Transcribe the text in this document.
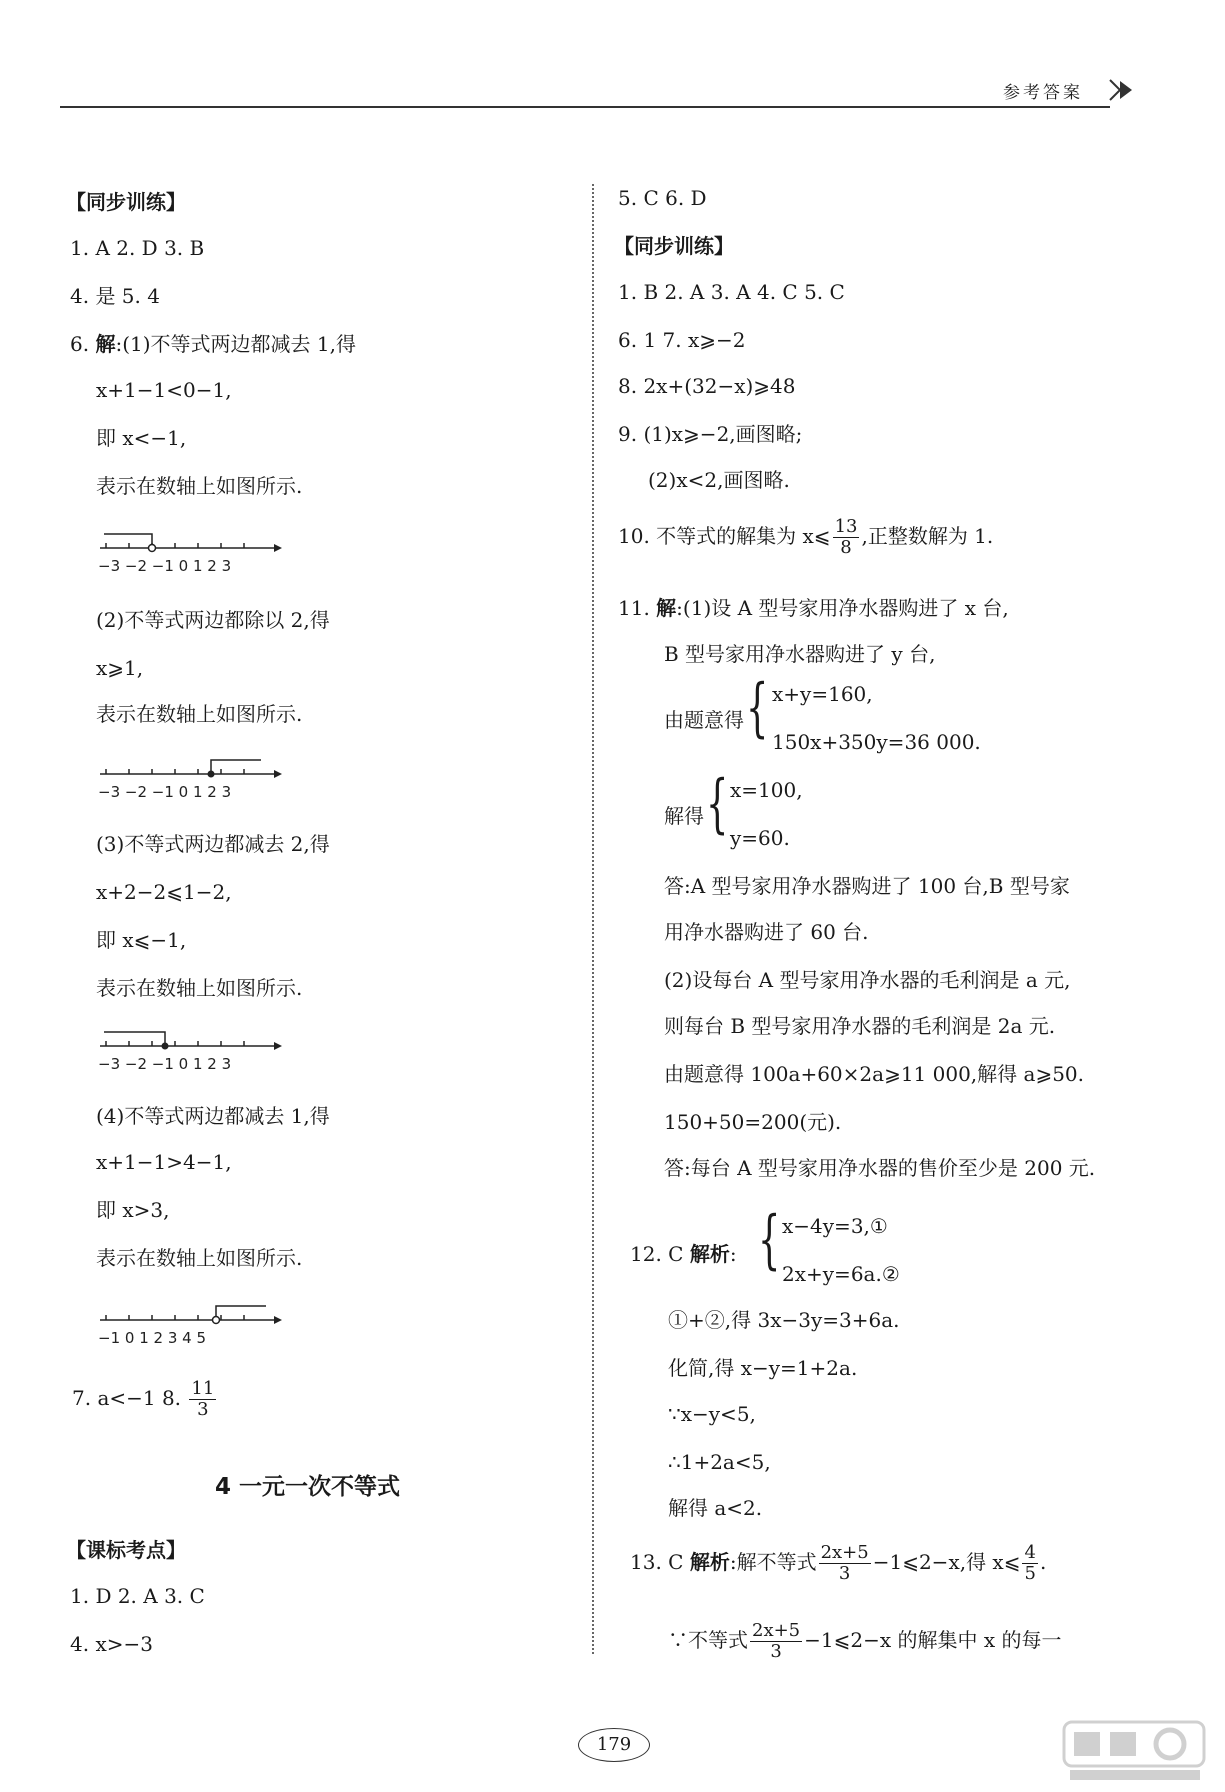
参考答案
【同步训练】
1. A 2. D 3. B
4. 是 5. 4
6. 解:(1)不等式两边都减去 1,得
x+1−1<0−1,
即 x<−1,
表示在数轴上如图所示.
−3 −2 −1 0 1 2 3
(2)不等式两边都除以 2,得
x⩾1,
表示在数轴上如图所示.
−3 −2 −1 0 1 2 3
(3)不等式两边都减去 2,得
x+2−2⩽1−2,
即 x⩽−1,
表示在数轴上如图所示.
−3 −2 −1 0 1 2 3
(4)不等式两边都减去 1,得
x+1−1>4−1,
即 x>3,
表示在数轴上如图所示.
−1 0 1 2 3 4 5
7. a<−1 8. $\frac{11}{3}$
4 一元一次不等式
【课标考点】
1. D 2. A 3. C
4. x>−3
5. C 6. D
【同步训练】
1. B 2. A 3. A 4. C 5. C
6. 1 7. x⩾−2
8. 2x+(32−x)⩾48
9. (1)x⩾−2,画图略;
(2)x<2,画图略.
10. 不等式的解集为 x⩽ $\frac{13}{8}$ ,正整数解为 1.
11. 解:(1)设 A 型号家用净水器购进了 x 台,
B 型号家用净水器购进了 y 台,
由题意得 { x+y=160,
150x+350y=36 000.
解得 { x=100,
y=60.
答:A 型号家用净水器购进了 100 台,B 型号家
用净水器购进了 60 台.
(2)设每台 A 型号家用净水器的毛利润是 a 元,
则每台 B 型号家用净水器的毛利润是 2a 元.
由题意得 100a+60×2a⩾11 000,解得 a⩾50.
150+50=200(元).
答:每台 A 型号家用净水器的售价至少是 200 元.
12. C 解析: { x−4y=3,①
2x+y=6a.②
①+②,得 3x−3y=3+6a.
化简,得 x−y=1+2a.
∵x−y<5,
∴1+2a<5,
解得 a<2.
13. C 解析:解不等式 $\frac{2x+5}{3}$ −1⩽2−x,得 x⩽ $\frac{4}{5}$ .
∵不等式 $\frac{2x+5}{3}$ −1⩽2−x 的解集中 x 的每一
179
